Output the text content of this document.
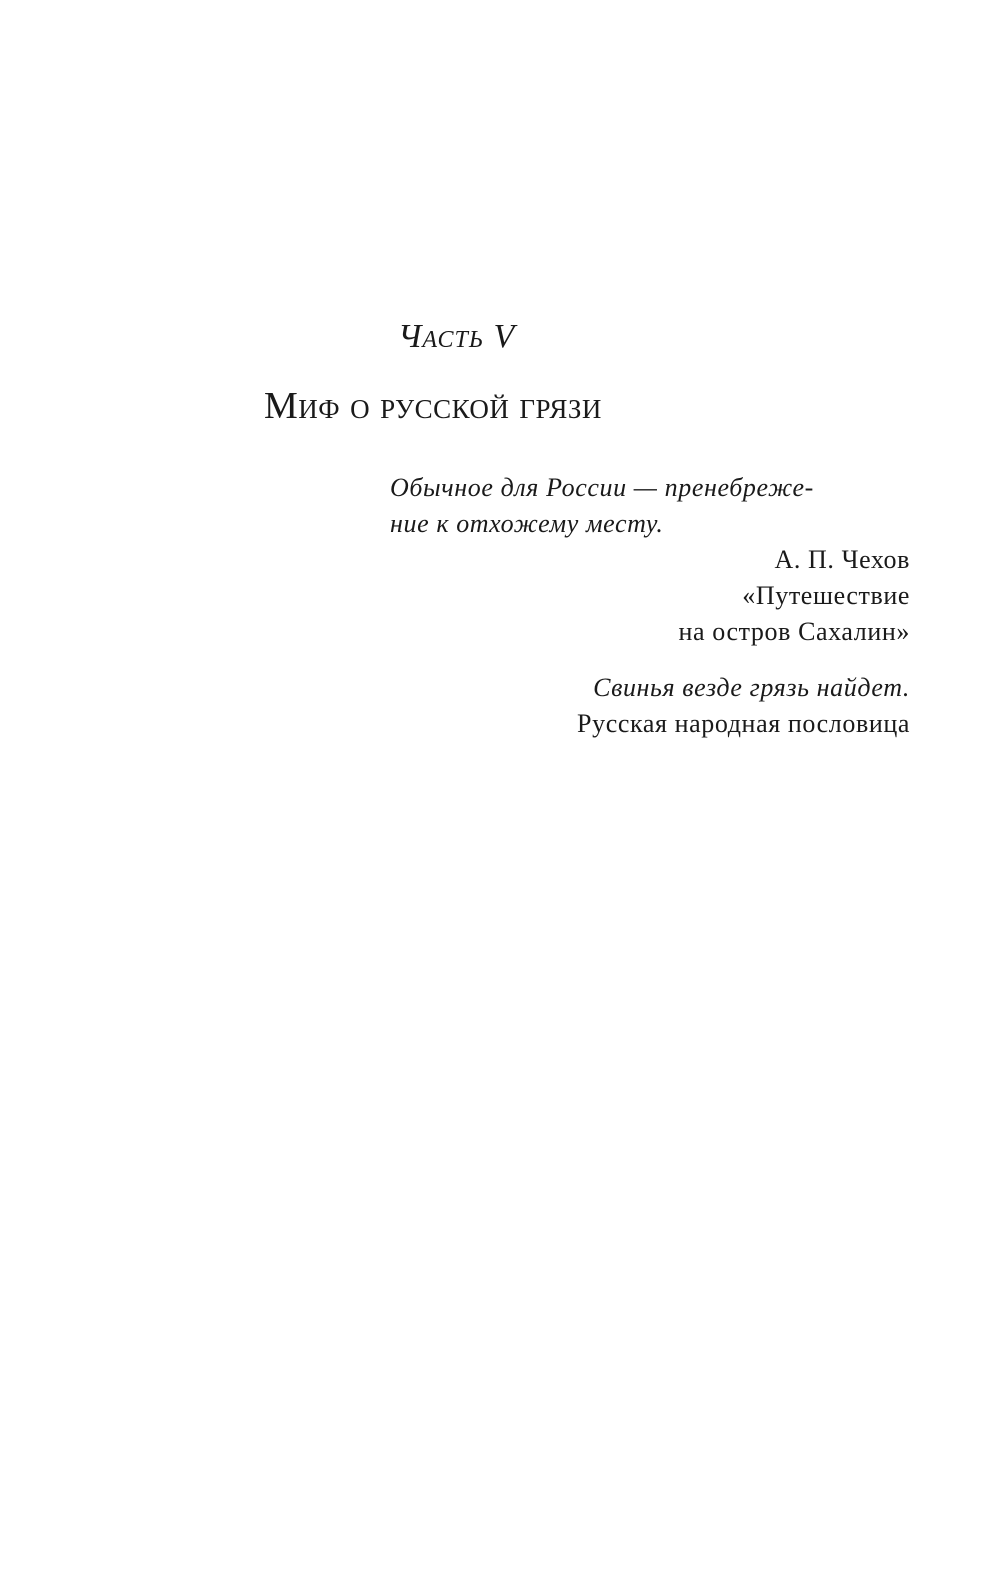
Часть V
Миф о русской грязи
Обычное для России — пренебреже-
ние к отхожему месту.
А. П. Чехов
«Путешествие
на остров Сахалин»
Свинья везде грязь найдет.
Русская народная пословица
